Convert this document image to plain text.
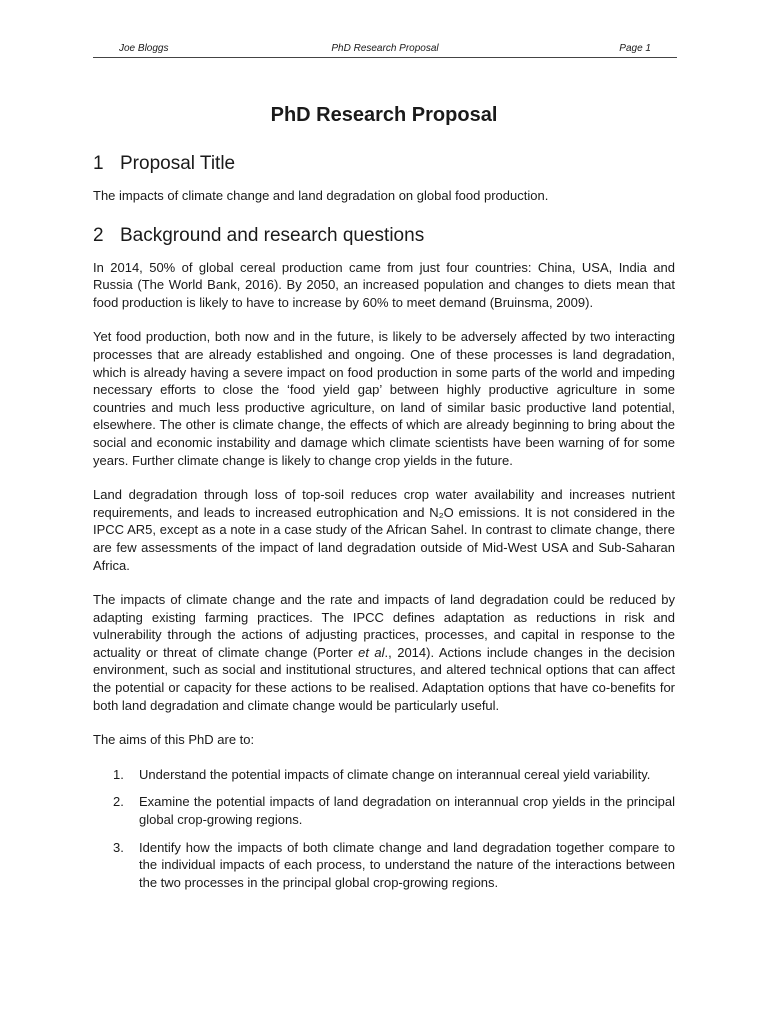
Joe Bloggs	PhD Research Proposal	Page 1
PhD Research Proposal
1 Proposal Title

The impacts of climate change and land degradation on global food production.

2 Background and research questions

In 2014, 50% of global cereal production came from just four countries: China, USA, India and Russia (The World Bank, 2016). By 2050, an increased population and changes to diets mean that food production is likely to have to increase by 60% to meet demand (Bruinsma, 2009).

Yet food production, both now and in the future, is likely to be adversely affected by two interacting processes that are already established and ongoing. One of these processes is land degradation, which is already having a severe impact on food production in some parts of the world and impeding necessary efforts to close the ‘food yield gap’ between highly productive agriculture in some countries and much less productive agriculture, on land of similar basic productive land potential, elsewhere. The other is climate change, the effects of which are already beginning to bring about the social and economic instability and damage which climate scientists have been warning of for some years. Further climate change is likely to change crop yields in the future.

Land degradation through loss of top-soil reduces crop water availability and increases nutrient requirements, and leads to increased eutrophication and N₂O emissions. It is not considered in the IPCC AR5, except as a note in a case study of the African Sahel. In contrast to climate change, there are few assessments of the impact of land degradation outside of Mid-West USA and Sub-Saharan Africa.

The impacts of climate change and the rate and impacts of land degradation could be reduced by adapting existing farming practices. The IPCC defines adaptation as reductions in risk and vulnerability through the actions of adjusting practices, processes, and capital in response to the actuality or threat of climate change (Porter et al., 2014). Actions include changes in the decision environment, such as social and institutional structures, and altered technical options that can affect the potential or capacity for these actions to be realised. Adaptation options that have co-benefits for both land degradation and climate change would be particularly useful.

The aims of this PhD are to:

1. Understand the potential impacts of climate change on interannual cereal yield variability.
2. Examine the potential impacts of land degradation on interannual crop yields in the principal global crop-growing regions.
3. Identify how the impacts of both climate change and land degradation together compare to the individual impacts of each process, to understand the nature of the interactions between the two processes in the principal global crop-growing regions.
